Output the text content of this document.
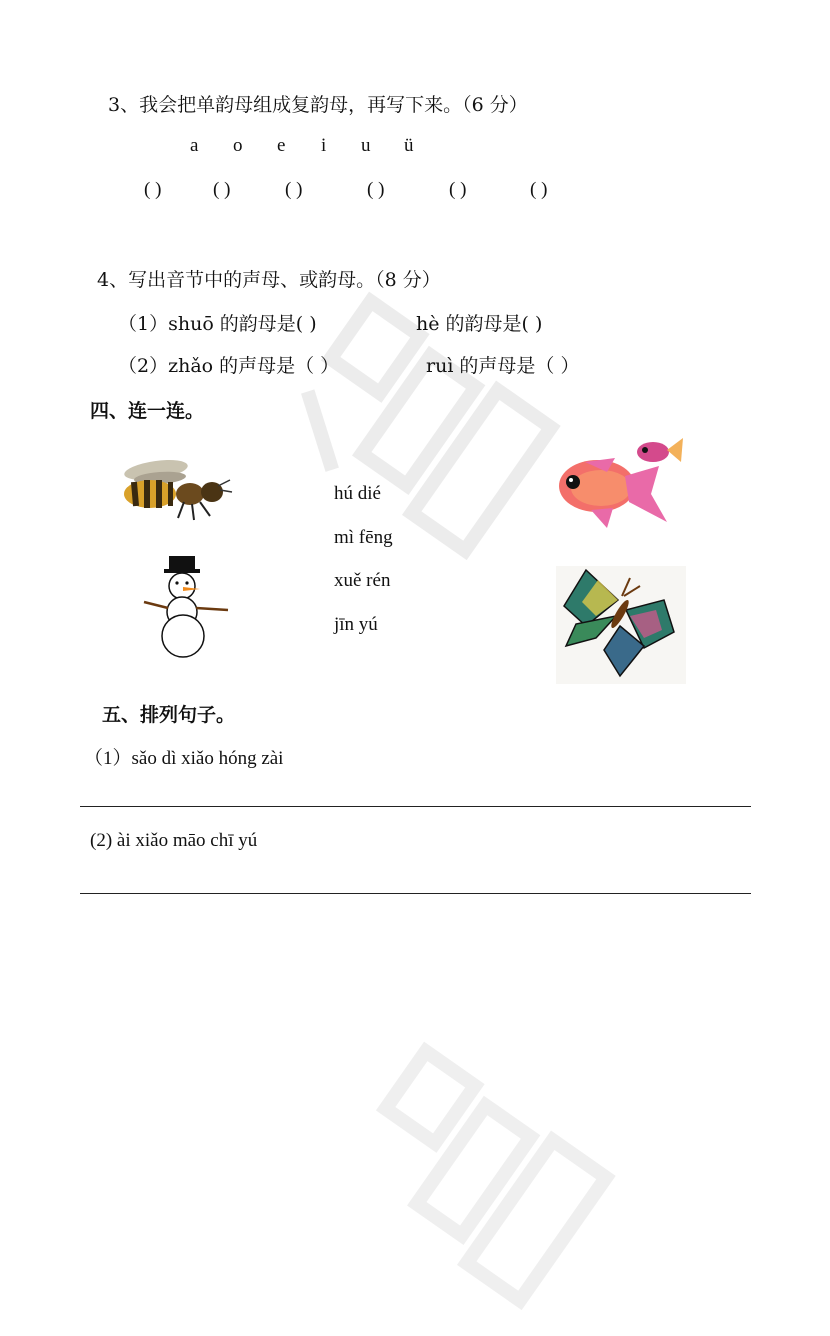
3、我会把单韵母组成复韵母，再写下来。（6 分）
a o e i u ü
( )	( )	( )	( )	( )	( )
4、写出音节中的声母、或韵母。（8 分）
（1）shuō 的韵母是( )	hè 的韵母是( )
（2）zhǎo 的声母是（ ）	ruì 的声母是（ ）
四、连一连。
hú dié
mì fēng
xuě rén
jīn yú
五、排列句子。
（1）sǎo dì xiǎo hóng zài
(2) ài xiǎo māo chī yú
